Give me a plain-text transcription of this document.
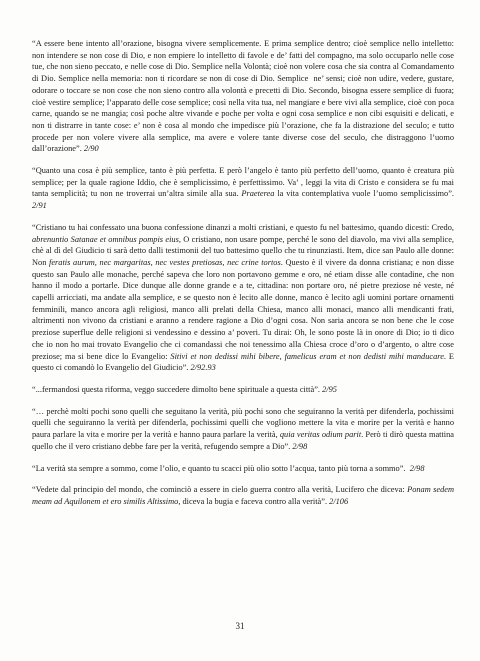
“A essere bene intento all’orazione, bisogna vivere semplicemente. E prima semplice dentro; cioè semplice nello intelletto: non intendere se non cose di Dio, e non empiere lo intelletto di favole e de’ fatti del compagno, ma solo occuparlo nelle cose tue, che non sieno peccato, e nelle cose di Dio. Semplice nella Volontà; cioè non volere cosa che sia contra al Comandamento di Dio. Semplice nella memoria: non ti ricordare se non di cose di Dio. Semplice  ne’ sensi; cioè non udire, vedere, gustare, odorare o toccare se non cose che non sieno contro alla volontà e precetti di Dio. Secondo, bisogna essere semplice di fuora; cioè vestire semplice; l’apparato delle cose semplice; così nella vita tua, nel mangiare e bere vivi alla semplice, cioè con poca carne, quando se ne mangia; così poche altre vivande e poche per volta e ogni cosa semplice e non cibi esquisiti e delicati, e non ti distrarre in tante cose: e’ non è cosa al mondo che impedisce più l’orazione, che fa la distrazione del seculo; e tutto procede per non volere vivere alla semplice, ma avere e volere tante diverse cose del seculo, che distraggono l’uomo dall’orazione”. 2/90

“Quanto una cosa è più semplice, tanto è più perfetta. E però l’angelo è tanto più perfetto dell’uomo, quanto è creatura più semplice; per la quale ragione Iddio, che è semplicissimo, è perfettissimo. Va’ , leggi la vita di Cristo e considera se fu mai tanta semplicità; tu non ne troverrai un’altra simile alla sua. Praeterea la vita contemplativa vuole l’uomo semplicissimo”. 2/91

“Cristiano tu hai confessato una buona confessione dinanzi a molti cristiani, e questo fu nel battesimo, quando dicesti: Credo, abrenuntio Satanae et omnibus pompis eius, O cristiano, non usare pompe, perché le sono del diavolo, ma vivi alla semplice, chè al dì del Giudicio ti sarà detto dalli testimonii del tuo battesimo quello che tu rinunziasti. Item, dice san Paulo alle donne: Non feratis aurum, nec margaritas, nec vestes pretiosas, nec crine tortos. Questo è il vivere da donna cristiana; e non disse questo san Paulo alle monache, perché sapeva che loro non portavono gemme e oro, né etiam disse alle contadine, che non hanno il modo a portarle. Dice dunque alle donne grande e a te, cittadina: non portare oro, né pietre preziose né veste, né capelli arricciati, ma andate alla semplice, e se questo non è lecito alle donne, manco è lecito agli uomini portare ornamenti femminili, manco ancora agli religiosi, manco alli prelati della Chiesa, manco alli monaci, manco alli mendicanti frati, altrimenti non vivono da cristiani e aranno a rendere ragione a Dio d’ogni cosa. Non saria ancora se non bene che le cose preziose superflue delle religioni si vendessino e dessino a’ poveri. Tu dirai: Oh, le sono poste là in onore di Dio; io ti dico che io non ho mai trovato Evangelio che ci comandassi che noi tenessimo alla Chiesa croce d’oro o d’argento, o altre cose preziose; ma si bene dice lo Evangelio: Sitivi et non dedissi mihi bibere, famelicus eram et non dedisti mihi manducare. E questo ci comandò lo Evangelio del Giudicio”. 2/92.93

“...fermandosi questa riforma, veggo succedere dimolto bene spirituale a questa città”. 2/95

“… perchè molti pochi sono quelli che seguitano la verità, più pochi sono che seguiranno la verità per difenderla, pochissimi quelli che seguiranno la verità per difenderla, pochissimi quelli che vogliono mettere la vita e morire per la verità e hanno paura parlare la vita e morire per la verità e hanno paura parlare la verità, quia veritas odium parit. Però ti dirò questa mattina quello che il vero cristiano debbe fare per la verità, refugendo sempre a Dio”. 2/98

“La verità sta sempre a sommo, come l’olio, e quanto tu scacci più olio sotto l’acqua, tanto più torna a sommo”.  2/98

“Vedete dal principio del mondo, che cominciò a essere in cielo guerra contro alla verità, Lucifero che diceva: Ponam sedem meam ad Aquilonem et ero similis Altissimo, diceva la bugia e faceva contro alla verità”. 2/106

31
